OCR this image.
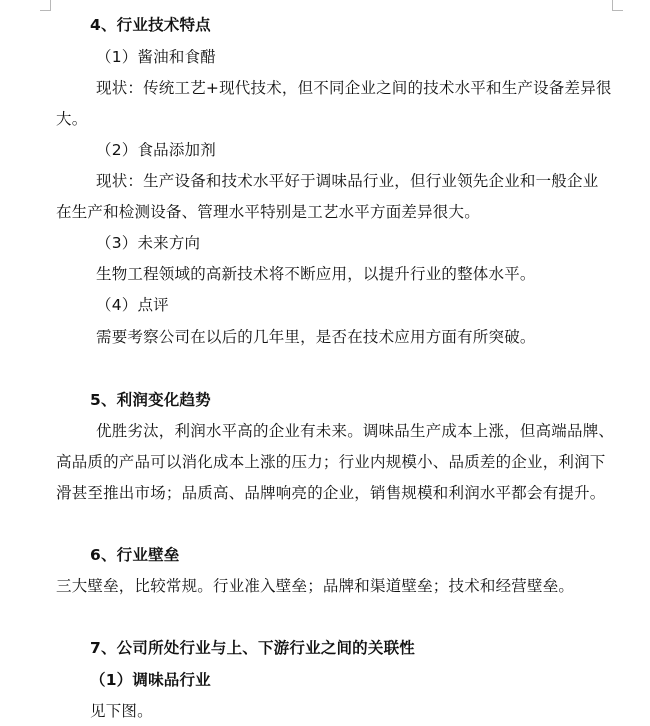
4、行业技术特点
（1）酱油和食醋
现状：传统工艺+现代技术，但不同企业之间的技术水平和生产设备差异很
大。
（2）食品添加剂
现状：生产设备和技术水平好于调味品行业，但行业领先企业和一般企业
在生产和检测设备、管理水平特别是工艺水平方面差异很大。
（3）未来方向
生物工程领域的高新技术将不断应用，以提升行业的整体水平。
（4）点评
需要考察公司在以后的几年里，是否在技术应用方面有所突破。
5、利润变化趋势
优胜劣汰，利润水平高的企业有未来。调味品生产成本上涨，但高端品牌、
高品质的产品可以消化成本上涨的压力；行业内规模小、品质差的企业，利润下
滑甚至推出市场；品质高、品牌响亮的企业，销售规模和利润水平都会有提升。
6、行业壁垒
三大壁垒，比较常规。行业准入壁垒；品牌和渠道壁垒；技术和经营壁垒。
7、公司所处行业与上、下游行业之间的关联性
（1）调味品行业
见下图。
